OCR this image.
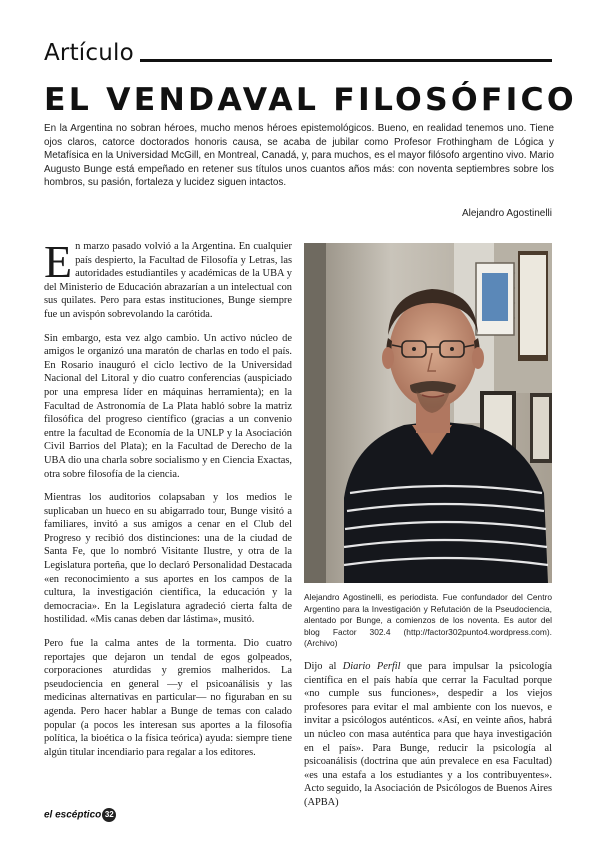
Artículo
EL VENDAVAL FILOSÓFICO
En la Argentina no sobran héroes, mucho menos héroes epistemológicos. Bueno, en realidad tenemos uno. Tiene ojos claros, catorce doctorados honoris causa, se acaba de jubilar como Profesor Frothingham de Lógica y Metafísica en la Universidad McGill, en Montreal, Canadá, y, para muchos, es el mayor filósofo argentino vivo. Mario Augusto Bunge está empeñado en retener sus títulos unos cuantos años más: con noventa septiembres sobre los hombros, su pasión, fortaleza y lucidez siguen intactos.
Alejandro Agostinelli

En marzo pasado volvió a la Argentina. En cualquier país despierto, la Facultad de Filosofía y Letras, las autoridades estudiantiles y académicas de la UBA y del Ministerio de Educación abrazarían a un intelectual con sus quilates. Pero para estas instituciones, Bunge siempre fue un avispón sobrevolando la carótida.

Sin embargo, esta vez algo cambio. Un activo núcleo de amigos le organizó una maratón de charlas en todo el país. En Rosario inauguró el ciclo lectivo de la Universidad Nacional del Litoral y dio cuatro conferencias (auspiciado por una empresa líder en máquinas herramienta); en la Facultad de Astronomía de La Plata habló sobre la matriz filosófica del progreso científico (gracias a un convenio entre la facultad de Economía de la UNLP y la Asociación Civil Barrios del Plata); en la Facultad de Derecho de la UBA dio una charla sobre socialismo y en Ciencia Exactas, otra sobre filosofía de la ciencia.

Mientras los auditorios colapsaban y los medios le suplicaban un hueco en su abigarrado tour, Bunge visitó a familiares, invitó a sus amigos a cenar en el Club del Progreso y recibió dos distinciones: una de la ciudad de Santa Fe, que lo nombró Visitante Ilustre, y otra de la Legislatura porteña, que lo declaró Personalidad Destacada «en reconocimiento a sus aportes en los campos de la cultura, la investigación científica, la educación y la democracia». En la Legislatura agradeció cierta falta de hostilidad. «Mis canas deben dar lástima», musitó.

Pero fue la calma antes de la tormenta. Dio cuatro reportajes que dejaron un tendal de egos golpeados, corporaciones aturdidas y gremios malheridos. La pseudociencia en general —y el psicoanálisis y las medicinas alternativas en particular— no figuraban en su agenda. Pero hacer hablar a Bunge de temas con calado popular (a pocos les interesan sus aportes a la filosofía política, la bioética o la física teórica) ayuda: siempre tiene algún titular incendiario para regalar a los editores.

Alejandro Agostinelli, es periodista. Fue confundador del Centro Argentino para la Investigación y Refutación de la Pseudociencia, alentado por Bunge, a comienzos de los noventa. Es autor del blog Factor 302.4 (http://factor302punto4.wordpress.com). (Archivo)

Dijo al Diario Perfil que para impulsar la psicología científica en el país había que cerrar la Facultad porque «no cumple sus funciones», despedir a los viejos profesores para evitar el mal ambiente con los nuevos, e invitar a psicólogos auténticos. «Así, en veinte años, habrá un núcleo con masa auténtica para que haya investigación en el país». Para Bunge, reducir la psicología al psicoanálisis (doctrina que aún prevalece en esa Facultad) «es una estafa a los estudiantes y a los contribuyentes». Acto seguido, la Asociación de Psicólogos de Buenos Aires (APBA)

el escéptico 32
